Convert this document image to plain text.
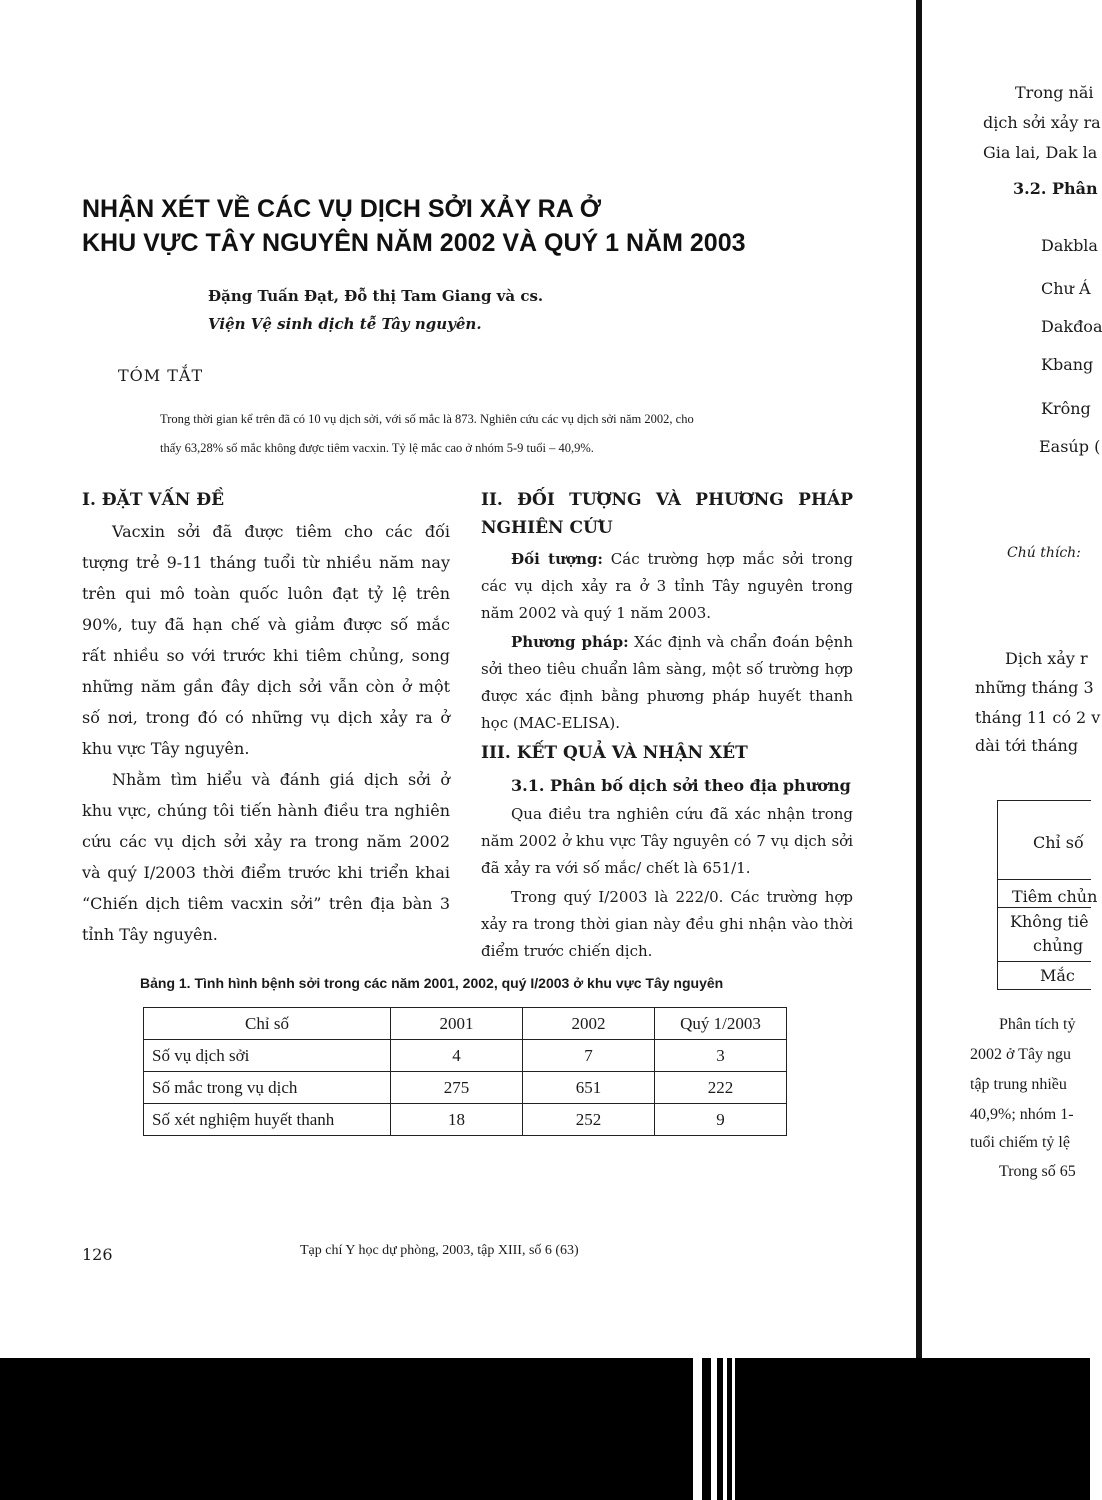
NHẬN XÉT VỀ CÁC VỤ DỊCH SỞI XẢY RA Ở
KHU VỰC TÂY NGUYÊN NĂM 2002 VÀ QUÝ 1 NĂM 2003
Đặng Tuấn Đạt, Đỗ thị Tam Giang và cs.
Viện Vệ sinh dịch tễ Tây nguyên.
TÓM TẮT
Trong thời gian kể trên đã có 10 vụ dịch sởi, với số mắc là 873. Nghiên cứu các vụ dịch sởi năm 2002, cho
thấy 63,28% số mắc không được tiêm vacxin. Tỷ lệ mắc cao ở nhóm 5-9 tuổi – 40,9%.
I. ĐẶT VẤN ĐỀ

Vacxin sởi đã được tiêm cho các đối tượng trẻ 9-11 tháng tuổi từ nhiều năm nay trên qui mô toàn quốc luôn đạt tỷ lệ trên 90%, tuy đã hạn chế và giảm được số mắc rất nhiều so với trước khi tiêm chủng, song những năm gần đây dịch sởi vẫn còn ở một số nơi, trong đó có những vụ dịch xảy ra ở khu vực Tây nguyên.

Nhằm tìm hiểu và đánh giá dịch sởi ở khu vực, chúng tôi tiến hành điều tra nghiên cứu các vụ dịch sởi xảy ra trong năm 2002 và quý I/2003 thời điểm trước khi triển khai “Chiến dịch tiêm vacxin sởi” trên địa bàn 3 tỉnh Tây nguyên.

II. ĐỐI TƯỢNG VÀ PHƯƠNG PHÁP NGHIÊN CỨU

Đối tượng: Các trường hợp mắc sởi trong các vụ dịch xảy ra ở 3 tỉnh Tây nguyên trong năm 2002 và quý 1 năm 2003.

Phương pháp: Xác định và chẩn đoán bệnh sởi theo tiêu chuẩn lâm sàng, một số trường hợp được xác định bằng phương pháp huyết thanh học (MAC-ELISA).

III. KẾT QUẢ VÀ NHẬN XÉT
3.1. Phân bố dịch sởi theo địa phương

Qua điều tra nghiên cứu đã xác nhận trong năm 2002 ở khu vực Tây nguyên có 7 vụ dịch sởi đã xảy ra với số mắc/ chết là 651/1.

Trong quý I/2003 là 222/0. Các trường hợp xảy ra trong thời gian này đều ghi nhận vào thời điểm trước chiến dịch.

Bảng 1. Tình hình bệnh sởi trong các năm 2001, 2002, quý I/2003 ở khu vực Tây nguyên
Chỉ số	2001	2002	Quý 1/2003
Số vụ dịch sởi	4	7	3
Số mắc trong vụ dịch	275	651	222
Số xét nghiệm huyết thanh	18	252	9
126	Tạp chí Y học dự phòng, 2003, tập XIII, số 6 (63)
Trong năi
dịch sởi xảy ra
Gia lai, Dak la
3.2. Phân
Dakbla
Chư Á
Dakđoa
Kbang
Krông
Easúp (
Chú thích:
Dịch xảy r
những tháng 3
tháng 11 có 2 v
dài tới tháng
Chỉ số
Tiêm chủn
Không tiê
chủng
Mắc
Phân tích tỷ
2002 ở Tây ngu
tập trung nhiều
40,9%; nhóm 1-
tuổi chiếm tỷ lệ
Trong số 65
